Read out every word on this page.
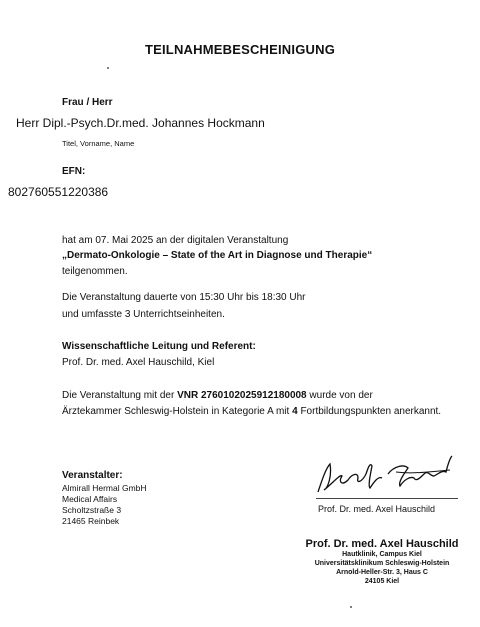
TEILNAHMEBESCHEINIGUNG
Frau / Herr
Herr Dipl.-Psych.Dr.med. Johannes Hockmann
Titel, Vorname, Name
EFN:
802760551220386
hat am 07. Mai 2025 an der digitalen Veranstaltung
„Dermato-Onkologie – State of the Art in Diagnose und Therapie“
teilgenommen.
Die Veranstaltung dauerte von 15:30 Uhr bis 18:30 Uhr
und umfasste 3 Unterrichtseinheiten.
Wissenschaftliche Leitung und Referent:
Prof. Dr. med. Axel Hauschild, Kiel
Die Veranstaltung mit der VNR 2760102025912180008 wurde von der
Ärztekammer Schleswig-Holstein in Kategorie A mit 4 Fortbildungspunkten anerkannt.
Veranstalter:
Almirall Hermal GmbH
Medical Affairs
Scholtzstraße 3
21465 Reinbek
Prof. Dr. med. Axel Hauschild
Prof. Dr. med. Axel Hauschild
Hautklinik, Campus Kiel
Universitätsklinikum Schleswig-Holstein
Arnold-Heller-Str. 3, Haus C
24105 Kiel
